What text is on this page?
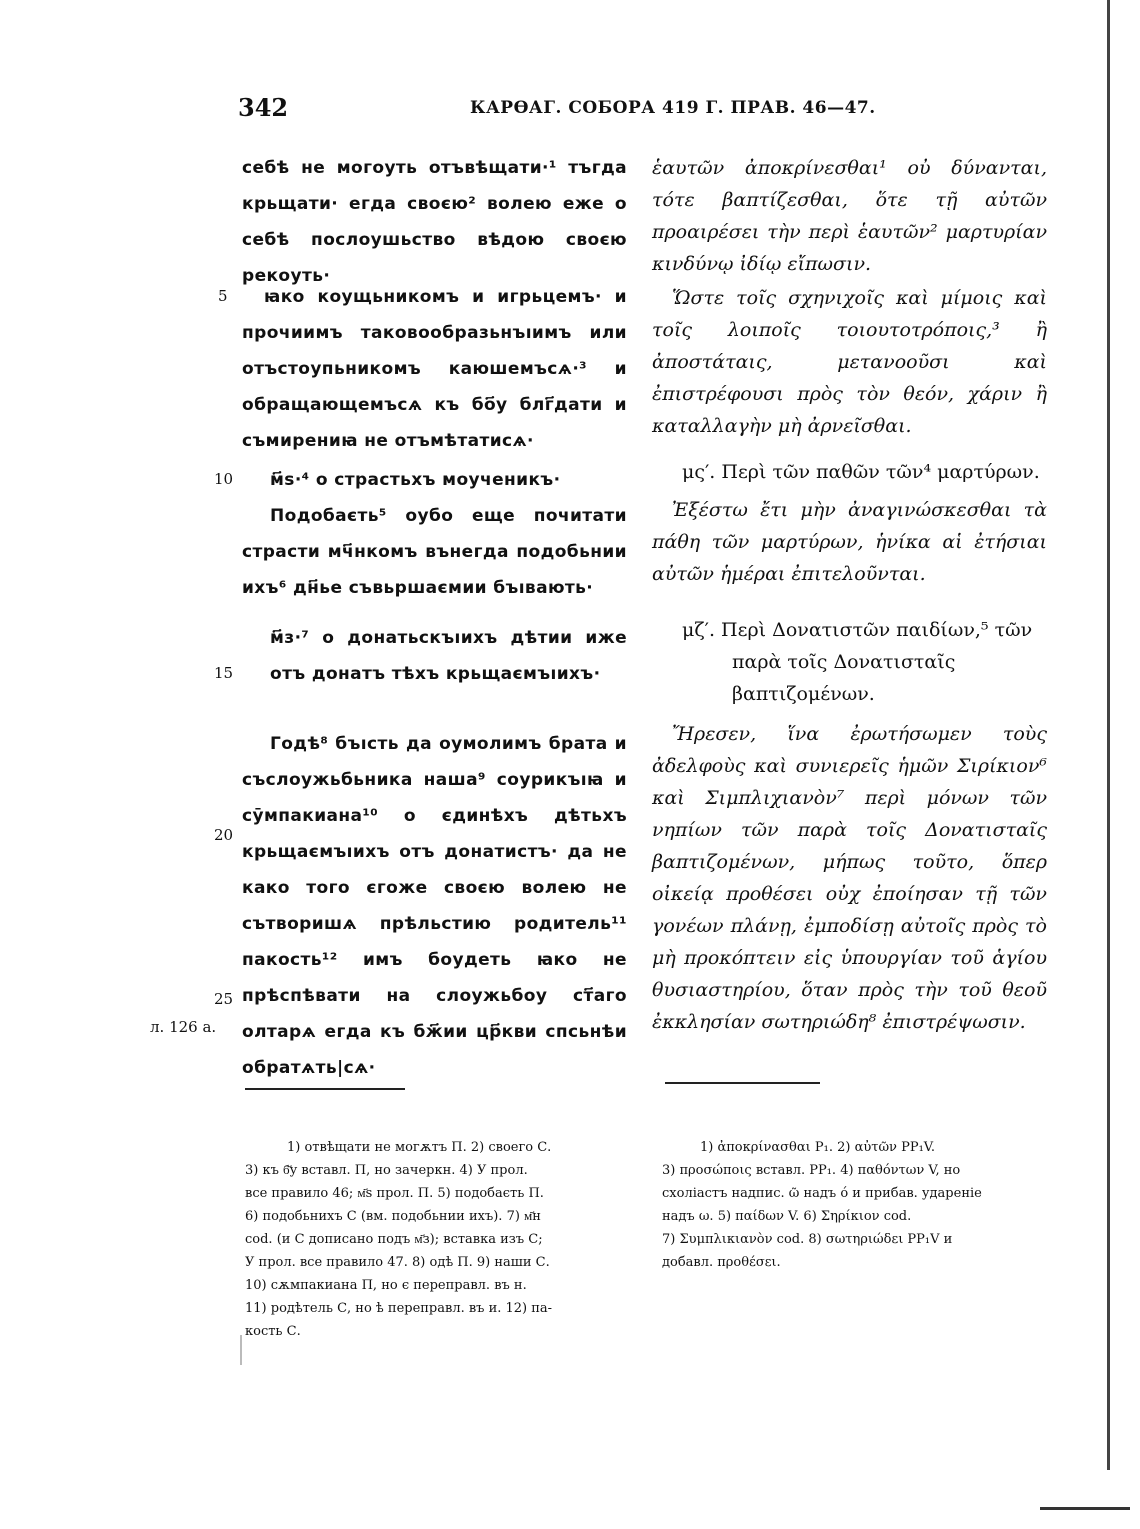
342	КАРѲАГ. СОБОРА 419 Г. ПРАВ. 46—47.
себѣ не могоуть отъвѣщати·¹ тъгда крьщати· егда своєю² волею еже о себѣ послоушьство вѣдою своєю рекоуть·
ꙗко коущьникомъ и игрьцемъ· и прочиимъ таковообразьнъıимъ или отъстоупьникомъ каюшемъсѧ·³ и обращающемъсѧ къ бо҃у блг҃дати и съмирениꙗ не отъмѣтатисѧ·
м҃ѕ·⁴ о страстьхъ моученикъ·
Подобаєть⁵ оубо еще почитати страсти мч҃нкомъ вънегда подобьнии ихъ⁶ дн҃ье съвьршаємии бъıвають·
м҃з·⁷ о донатьскъıихъ дѣтии иже отъ донатъ тѣхъ крьщаємъıихъ·
Годѣ⁸ бъıсть да оумолимъ брата и съслоужьбьника наша⁹ соурикъıꙗ и сӯмпакиана¹⁰ о єдинѣхъ дѣтьхъ крьщаємъıихъ отъ донатистъ· да не како того єгоже своєю волею не сътворишѧ прѣльстию родитель¹¹ пакость¹² имъ боудеть ꙗко не прѣспѣвати на слоужьбоу ст҃аго олтарѧ егда къ бж҃ии цр҃кви спсьнѣи обратѧть|сѧ·
5
10
15
20
25
л. 126 а.
ἑαυτῶν ἀποκρίνεσθαι¹ οὐ δύνανται, τότε βαπτίζεσθαι, ὅτε τῇ αὐτῶν προαιρέσει τὴν περὶ ἑαυτῶν² μαρτυρίαν κινδύνῳ ἰδίῳ εἴπωσιν.
Ὥστε τοῖς σχηνιχοῖς καὶ μίμοις καὶ τοῖς λοιποῖς τοιουτοτρόποις,³ ἢ ἀποστάταις, μετανοοῦσι καὶ ἐπιστρέφουσι πρὸς τὸν θεόν, χάριν ἢ καταλλαγὴν μὴ ἀρνεῖσθαι.
μς′. Περὶ τῶν παθῶν τῶν⁴ μαρτύρων.
Ἐξέστω ἔτι μὴν ἀναγινώσκεσθαι τὰ πάθη τῶν μαρτύρων, ἡνίκα αἱ ἐτήσιαι αὐτῶν ἡμέραι ἐπιτελοῦνται.
μζ′. Περὶ Δονατιστῶν παιδίων,⁵ τῶν παρὰ τοῖς Δονατισταῖς βαπτιζομένων.
Ἤρεσεν, ἵνα ἐρωτήσωμεν τοὺς ἀδελφοὺς καὶ συνιερεῖς ἡμῶν Σιρίκιον⁶ καὶ Σιμπλιχιανὸν⁷ περὶ μόνων τῶν νηπίων τῶν παρὰ τοῖς Δονατισταῖς βαπτιζομένων, μήπως τοῦτο, ὅπερ οἰκείᾳ προθέσει οὐχ ἐποίησαν τῇ τῶν γονέων πλάνῃ, ἐμποδίσῃ αὐτοῖς πρὸς τὸ μὴ προκόπτειν εἰς ὑπουργίαν τοῦ ἁγίου θυσιαστηρίου, ὅταν πρὸς τὴν τοῦ θεοῦ ἐκκλησίαν σωτηριώδη⁸ ἐπιστρέψωσιν.
1) отвѣщати не могѫтъ П. 2) своего С.
3) къ б҃у вставл. П, но зачеркн. 4) У прол.
все правило 46; м҃ѕ прол. П. 5) подобаєть П.
6) подобьнихъ С (вм. подобьнии ихъ). 7) м҃н
cod. (и С дописано подъ м҃з); вставка изъ С;
У прол. все правило 47. 8) одѣ П. 9) наши С.
10) сѫмпакиана П, но є переправл. въ н.
11) родѣтель С, но ѣ переправл. въ и. 12) па-
кость С.
1) ἀποκρίνασθαι P₁. 2) αὐτῶν PP₁V.
3) προσώποις вставл. PP₁. 4) παθόντων V, но
схоліастъ надпис. ῶ надъ ό и прибав. удареніе
надъ ω. 5) παίδων V. 6) Σηρίκιον cod.
7) Συμπλικιανὸν cod. 8) σωτηριώδει PP₁V и
добавл. προθέσει.
